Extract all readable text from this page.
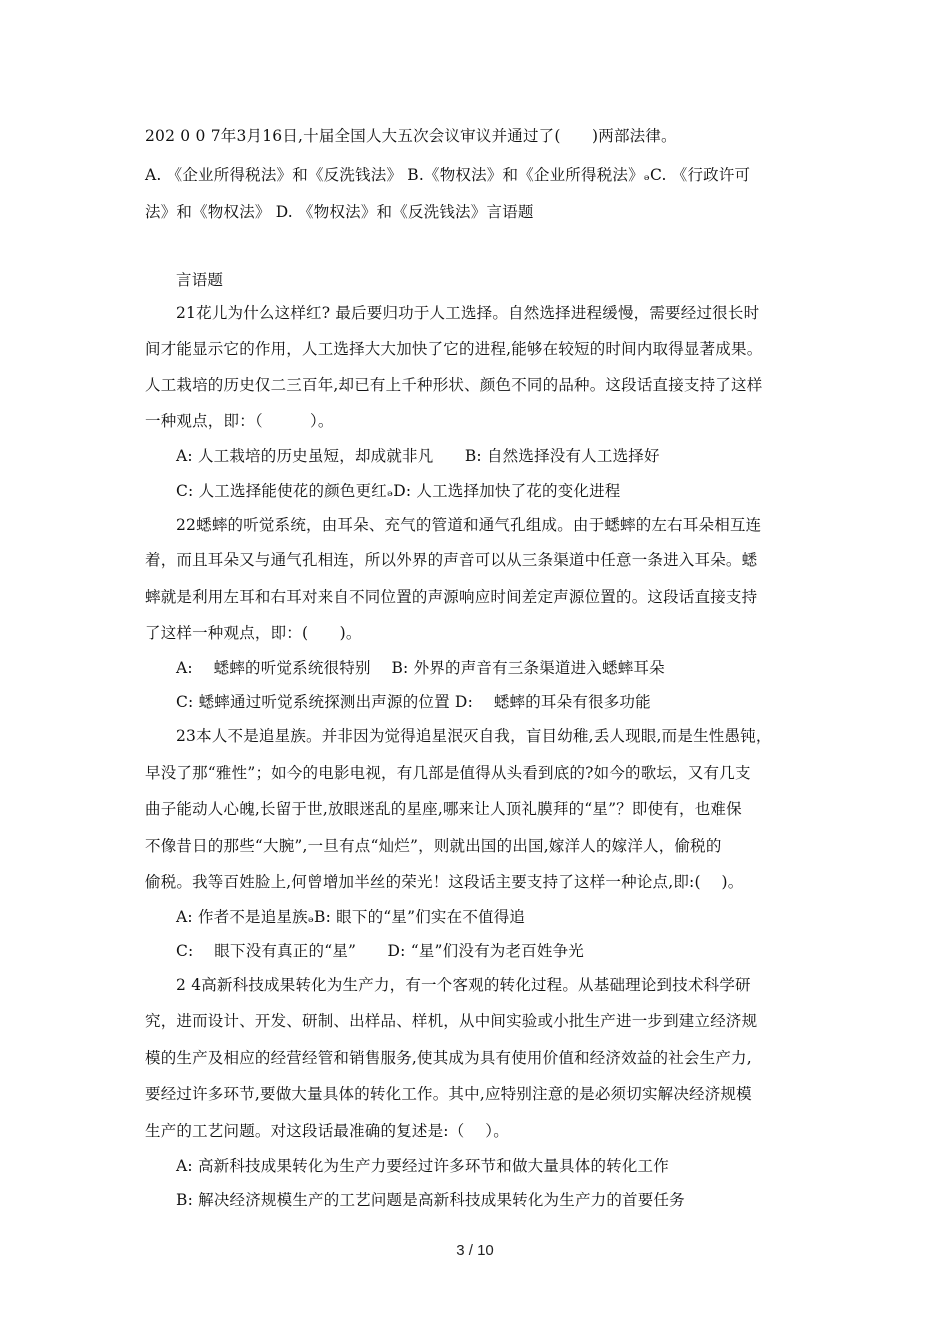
202 0 0 7年3月16日,十届全国人大五次会议审议并通过了(　　)两部法律。
A. 《企业所得税法》和《反洗钱法》 B.《物权法》和《企业所得税法》ₔC. 《行政许可
法》和《物权法》 D. 《物权法》和《反洗钱法》言语题
言语题
21花儿为什么这样红? 最后要归功于人工选择。自然选择进程缓慢，需要经过很长时
间才能显示它的作用，人工选择大大加快了它的进程,能够在较短的时间内取得显著成果。
人工栽培的历史仅二三百年,却已有上千种形状、颜色不同的品种。这段话直接支持了这样
一种观点，即：（　　　）。
A: 人工栽培的历史虽短，却成就非凡　　B: 自然选择没有人工选择好
C: 人工选择能使花的颜色更红ₔD: 人工选择加快了花的变化进程
22蟋蟀的听觉系统，由耳朵、充气的管道和通气孔组成。由于蟋蟀的左右耳朵相互连
着，而且耳朵又与通气孔相连，所以外界的声音可以从三条渠道中任意一条进入耳朵。蟋
蟀就是利用左耳和右耳对来自不同位置的声源响应时间差定声源位置的。这段话直接支持
了这样一种观点，即：(　　)。
A: 　蟋蟀的听觉系统很特别　 B: 外界的声音有三条渠道进入蟋蟀耳朵
C: 蟋蟀通过听觉系统探测出声源的位置 D: 　蟋蟀的耳朵有很多功能
23本人不是追星族。并非因为觉得追星泯灭自我，盲目幼稚,丢人现眼,而是生性愚钝，
早没了那“雅性”；如今的电影电视，有几部是值得从头看到底的?如今的歌坛，又有几支
曲子能动人心魄,长留于世,放眼迷乱的星座,哪来让人顶礼膜拜的“星”？即使有，也难保
不像昔日的那些“大腕”,一旦有点“灿烂”，则就出国的出国,嫁洋人的嫁洋人，偷税的
偷税。我等百姓脸上,何曾增加半丝的荣光！这段话主要支持了这样一种论点,即:(　 )。
A: 作者不是追星族ₔB: 眼下的“星”们实在不值得追
C: 　眼下没有真正的“星”　　D: “星”们没有为老百姓争光
2 4高新科技成果转化为生产力，有一个客观的转化过程。从基础理论到技术科学研
究，进而设计、开发、研制、出样品、样机，从中间实验或小批生产进一步到建立经济规
模的生产及相应的经营经管和销售服务,使其成为具有使用价值和经济效益的社会生产力,
要经过许多环节,要做大量具体的转化工作。其中,应特别注意的是必须切实解决经济规模
生产的工艺问题。对这段话最准确的复述是:（　 ）。
A: 高新科技成果转化为生产力要经过许多环节和做大量具体的转化工作
B: 解决经济规模生产的工艺问题是高新科技成果转化为生产力的首要任务
3 / 10
